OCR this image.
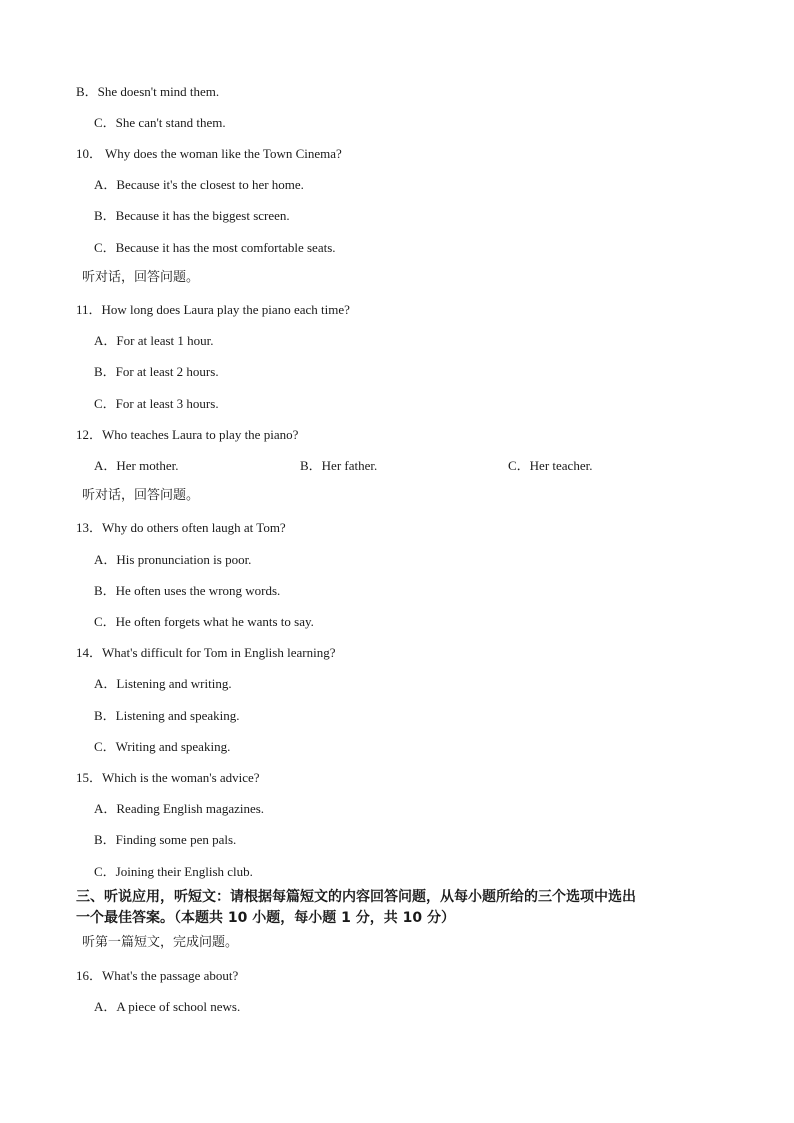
B．She doesn't mind them.
C．She can't stand them.
10． Why does the woman like the Town Cinema?
A．Because it's the closest to her home.
B．Because it has the biggest screen.
C．Because it has the most comfortable seats.
听对话，回答问题。
11．How long does Laura play the piano each time?
A．For at least 1 hour.
B．For at least 2 hours.
C．For at least 3 hours.
12．Who teaches Laura to play the piano?
A．Her mother.	B．Her father.	C．Her teacher.
听对话，回答问题。
13．Why do others often laugh at Tom?
A．His pronunciation is poor.
B．He often uses the wrong words.
C．He often forgets what he wants to say.
14．What's difficult for Tom in English learning?
A．Listening and writing.
B．Listening and speaking.
C．Writing and speaking.
15．Which is the woman's advice?
A．Reading English magazines.
B．Finding some pen pals.
C．Joining their English club.
三、听说应用，听短文：请根据每篇短文的内容回答问题，从每小题所给的三个选项中选出
一个最佳答案。（本题共 10 小题，每小题 1 分，共 10 分）
听第一篇短文，完成问题。
16．What's the passage about?
A．A piece of school news.
